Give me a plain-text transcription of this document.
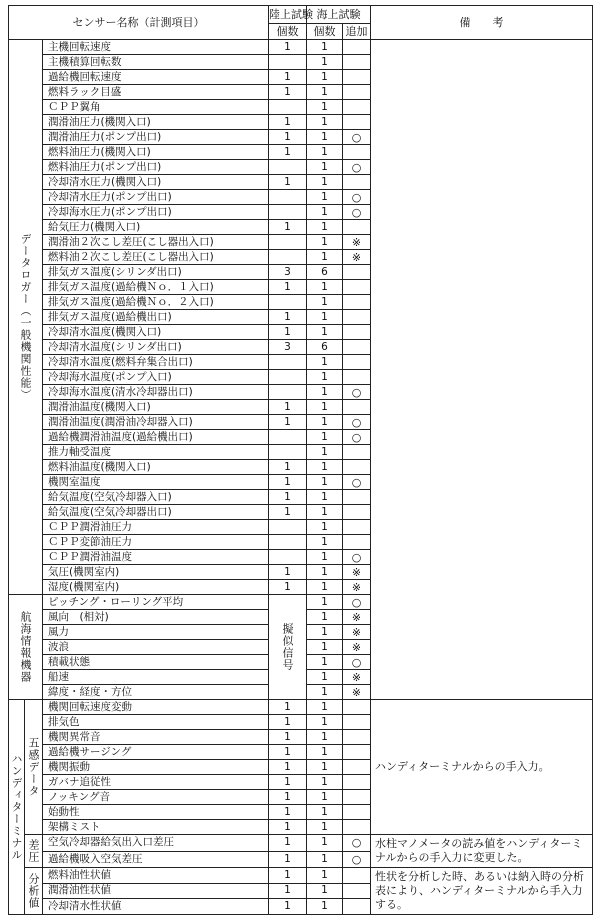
センサー名称（計測項目）			陸上試験	海上試験		備　　考
			個数	個数	追加	
データロガー（一般機関性能）		主機回転速度	1	1		
		主機積算回転数		1		
		過給機回転速度	1	1		
		燃料ラック目盛	1	1		
		ＣＰＰ翼角		1		
		潤滑油圧力(機関入口)	1	1		
		潤滑油圧力(ポンプ出口)	1	1	○	
		燃料油圧力(機関入口)	1	1		
		燃料油圧力(ポンプ出口)		1	○	
		冷却清水圧力(機関入口)	1	1		
		冷却清水圧力(ポンプ出口)		1	○	
		冷却海水圧力(ポンプ出口)		1	○	
		給気圧力(機関入口)	1	1		
		潤滑油２次こし差圧(こし器出入口)		1	※	
		燃料油２次こし差圧(こし器出入口)		1	※	
		排気ガス温度(シリンダ出口)	3	6		
		排気ガス温度(過給機Ｎｏ．１入口)	1	1		
		排気ガス温度(過給機Ｎｏ．２入口)		1		
		排気ガス温度(過給機出口)	1	1		
		冷却清水温度(機関入口)	1	1		
		冷却清水温度(シリンダ出口)	3	6		
		冷却清水温度(燃料弁集合出口)		1		
		冷却海水温度(ポンプ入口)		1		
		冷却海水温度(清水冷却器出口)		1	○	
		潤滑油温度(機関入口)	1	1		
		潤滑油温度(潤滑油冷却器入口)	1	1	○	
		過給機潤滑油温度(過給機出口)		1	○	
		推力軸受温度		1		
		燃料油温度(機関入口)	1	1		
		機関室温度	1	1	○	
		給気温度(空気冷却器入口)	1	1		
		給気温度(空気冷却器出口)	1	1		
		ＣＰＰ潤滑油圧力		1		
		ＣＰＰ変節油圧力		1		
		ＣＰＰ潤滑油温度		1	○	
		気圧(機関室内)	1	1	※	
		湿度(機関室内)	1	1	※	
航海情報機器		ピッチング・ローリング平均	擬似信号	1	○	
		風向　(相対)		1	※	
		風力		1	※	
		波浪		1	※	
		積載状態		1	○	
		船速		1	※	
		緯度・経度・方位		1	※	
ハンディターミナル	五感データ	機関回転速度変動	1	1		ハンディターミナルからの手入力。
		排気色	1	1		
		機関異常音	1	1		
		過給機サージング	1	1		
		機関振動	1	1		
		ガバナ追従性	1	1		
		ノッキング音	1	1		
		始動性	1	1		
		架構ミスト	1	1		
	差圧	空気冷却器給気出入口差圧	1	1	○	水柱マノメータの読み値をハンディターミナルからの手入力に変更した。
		過給機吸入空気差圧	1	1	○	
	分析値	燃料油性状値	1	1		性状を分析した時、あるいは納入時の分析表により、ハンディターミナルから手入力する。
		潤滑油性状値	1	1		
		冷却清水性状値	1	1		
